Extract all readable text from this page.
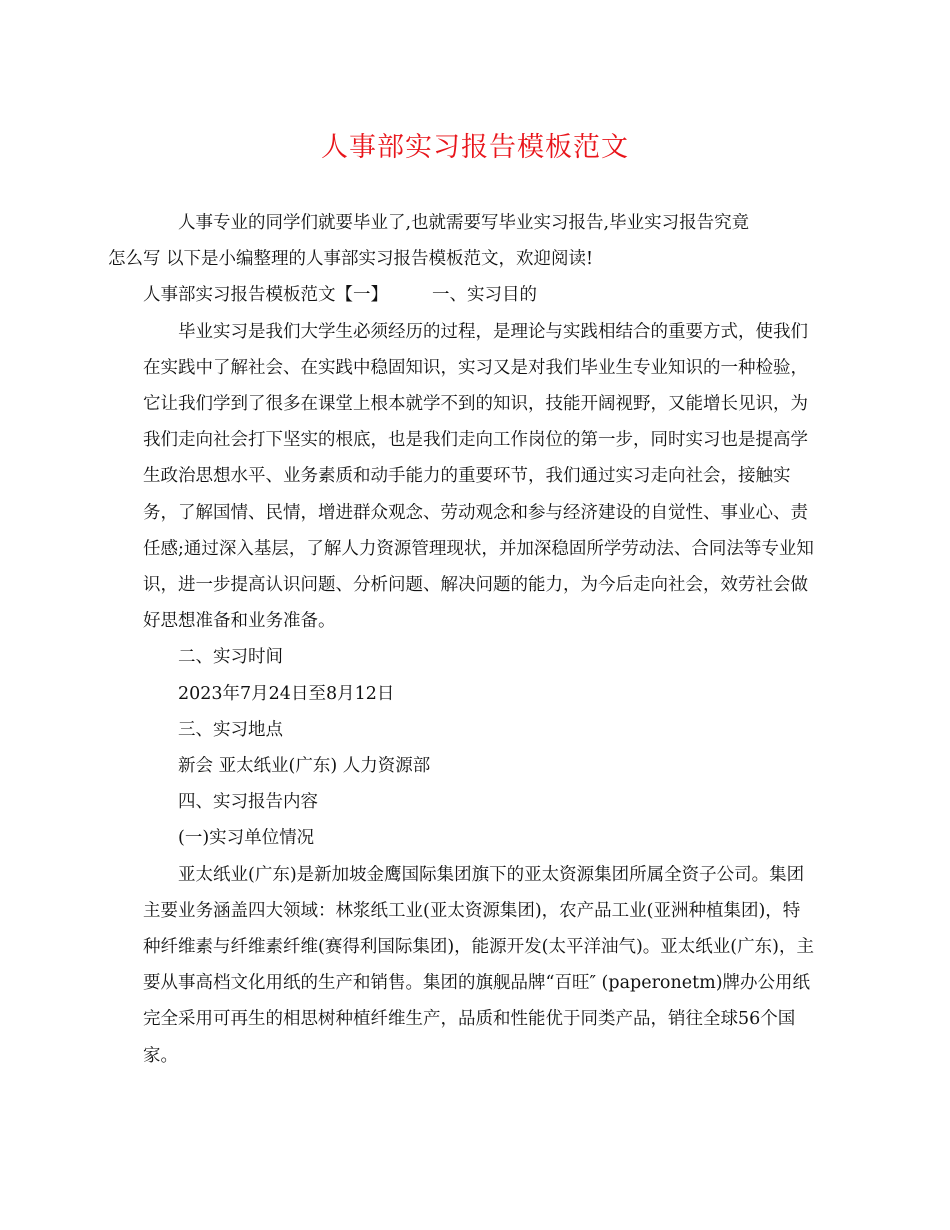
人事部实习报告模板范文

人事专业的同学们就要毕业了,也就需要写毕业实习报告,毕业实习报告究竟
怎么写 以下是小编整理的人事部实习报告模板范文，欢迎阅读!

人事部实习报告模板范文【一】	一、实习目的

毕业实习是我们大学生必须经历的过程，是理论与实践相结合的重要方式，使我们在实践中了解社会、在实践中稳固知识，实习又是对我们毕业生专业知识的一种检验，它让我们学到了很多在课堂上根本就学不到的知识，技能开阔视野，又能增长见识，为我们走向社会打下坚实的根底，也是我们走向工作岗位的第一步，同时实习也是提高学生政治思想水平、业务素质和动手能力的重要环节，我们通过实习走向社会，接触实务，了解国情、民情，增进群众观念、劳动观念和参与经济建设的自觉性、事业心、责任感;通过深入基层，了解人力资源管理现状，并加深稳固所学劳动法、合同法等专业知识，进一步提高认识问题、分析问题、解决问题的能力，为今后走向社会，效劳社会做好思想准备和业务准备。

二、实习时间

2023年7月24日至8月12日

三、实习地点

新会 亚太纸业(广东) 人力资源部

四、实习报告内容

(一)实习单位情况

亚太纸业(广东)是新加坡金鹰国际集团旗下的亚太资源集团所属全资子公司。集团主要业务涵盖四大领域：林浆纸工业(亚太资源集团)，农产品工业(亚洲种植集团)，特种纤维素与纤维素纤维(赛得利国际集团)，能源开发(太平洋油气)。亚太纸业(广东)，主要从事高档文化用纸的生产和销售。集团的旗舰品牌“百旺″ (paperonetm)牌办公用纸完全采用可再生的相思树种植纤维生产，品质和性能优于同类产品，销往全球56个国家。
